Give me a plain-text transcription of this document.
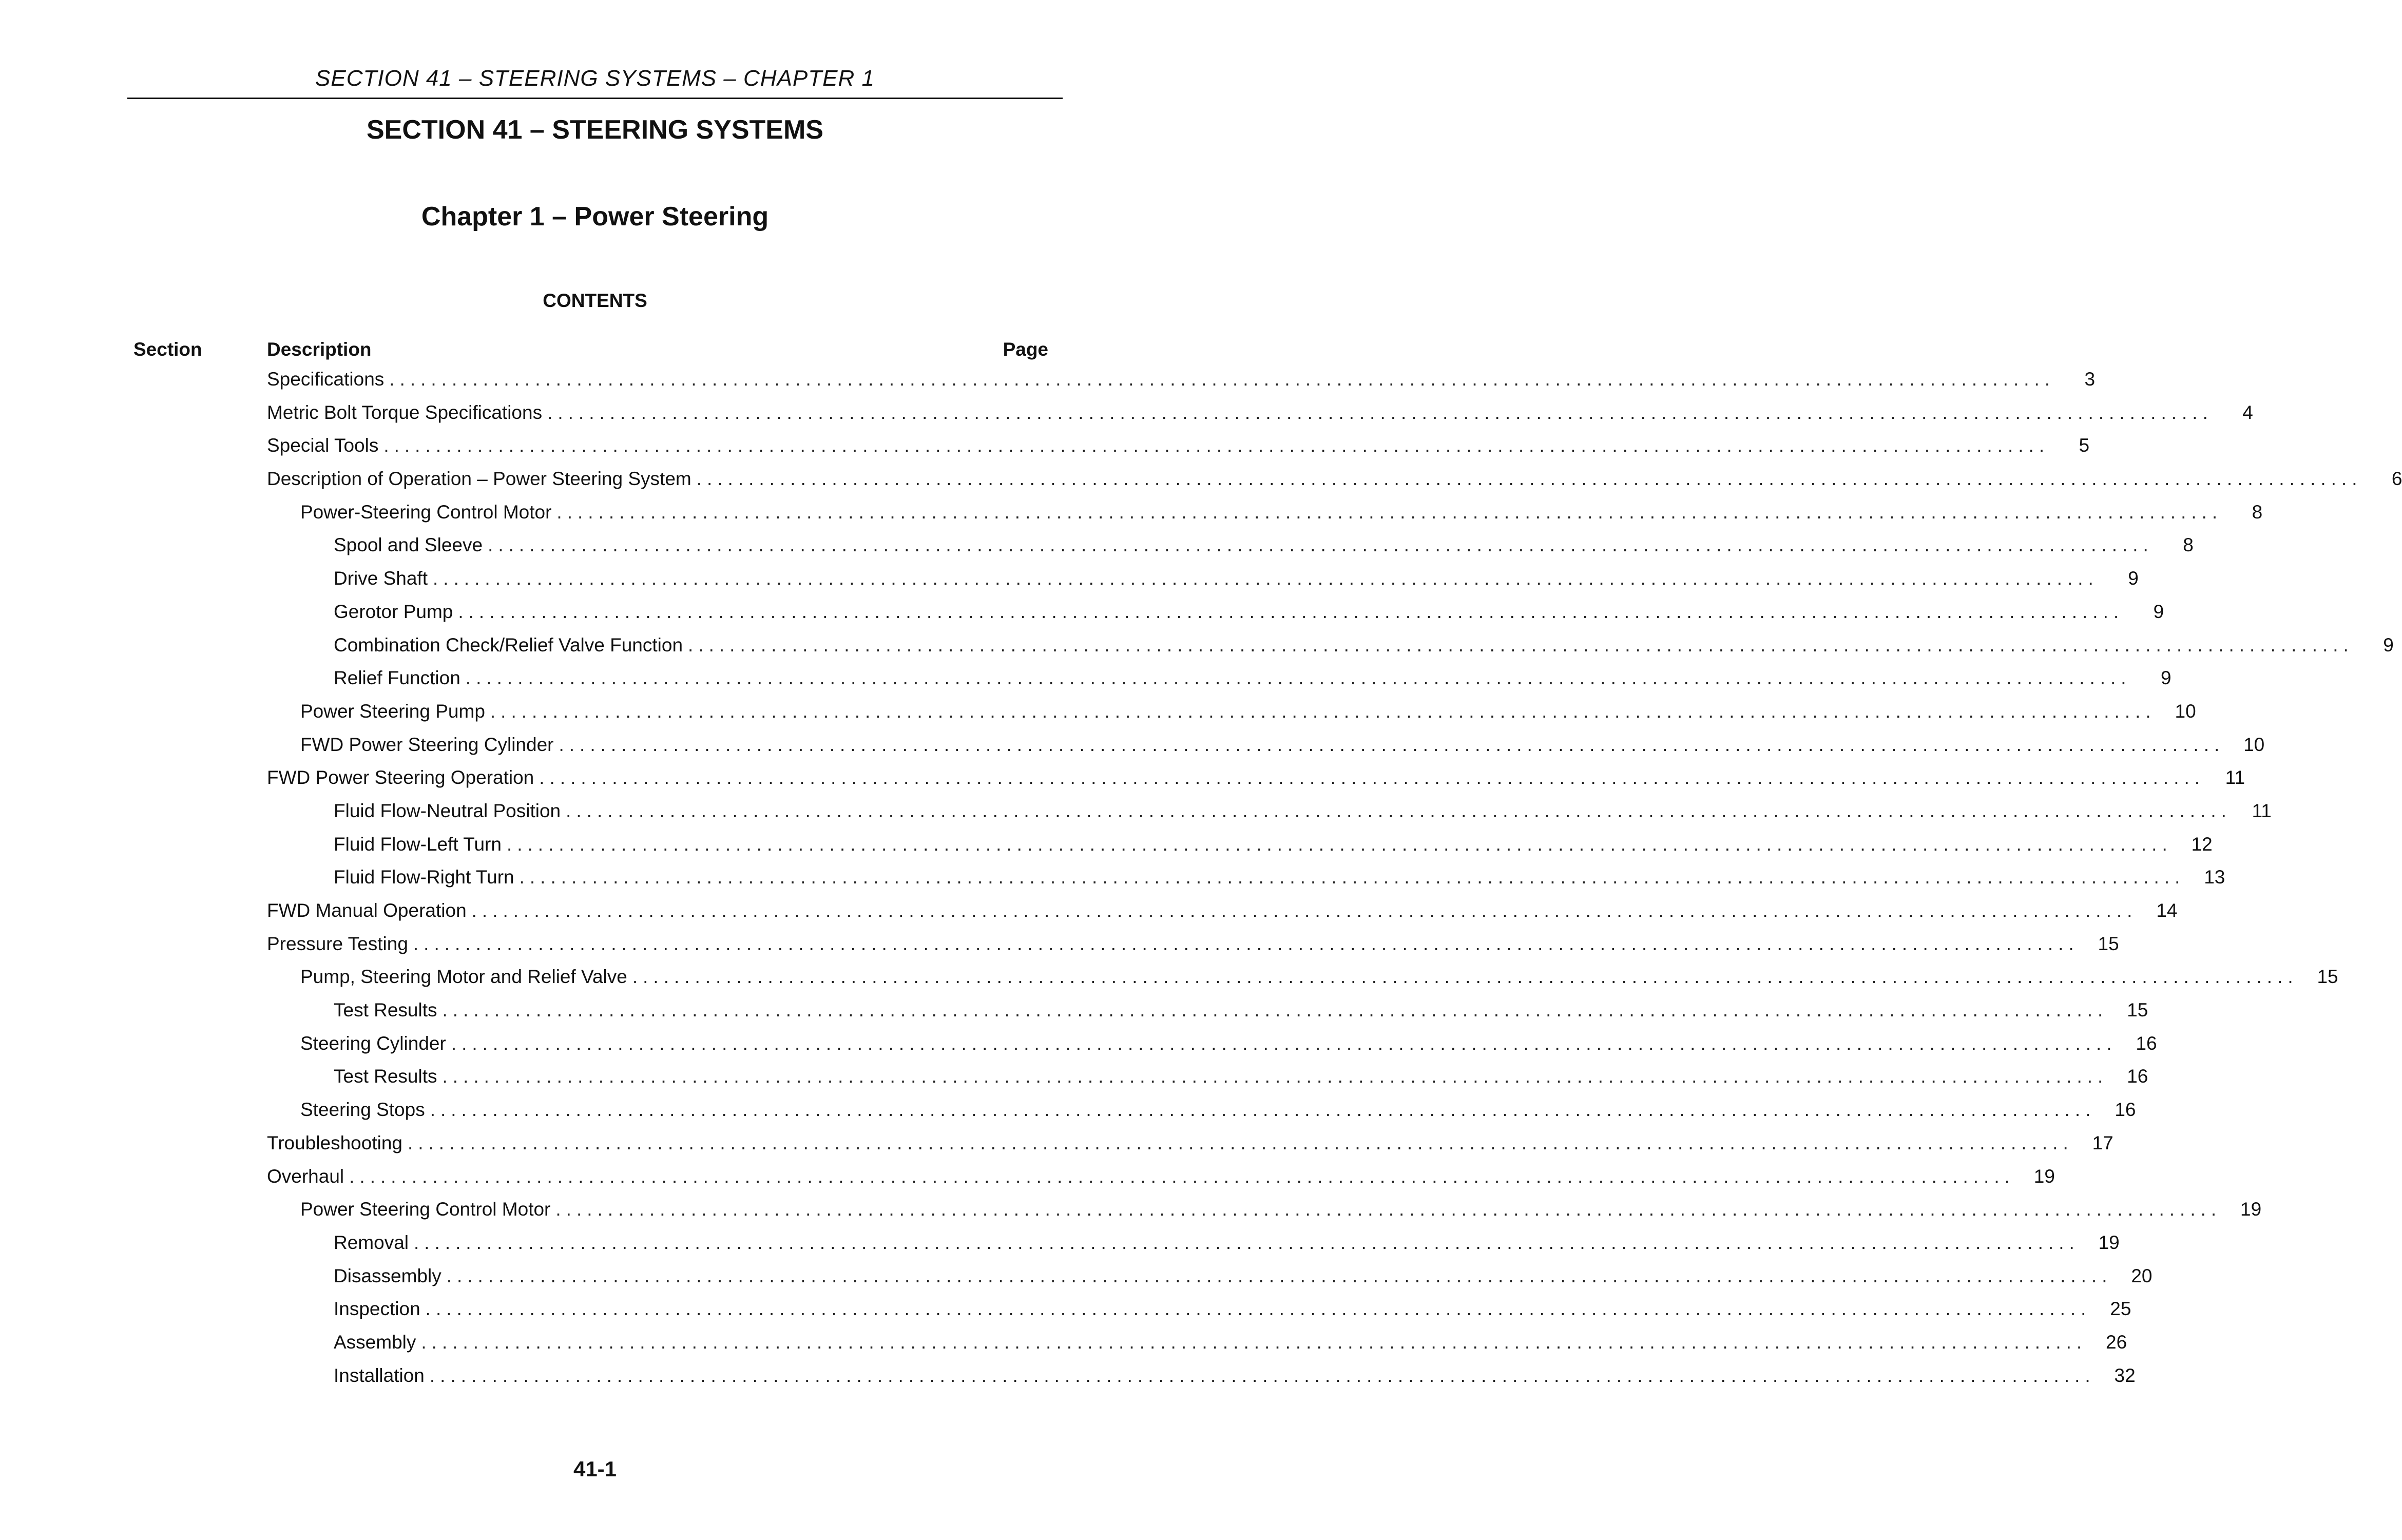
SECTION 41 – STEERING SYSTEMS – CHAPTER 1
SECTION 41 – STEERING SYSTEMS
Chapter 1 – Power Steering
CONTENTS
Section	Description	Page
Specifications ................................................................................................................................................................	3
Metric Bolt Torque Specifications ................................................................................................................................................................	4
Special Tools ................................................................................................................................................................	5
Description of Operation – Power Steering System ................................................................................................................................................................	6
Power-Steering Control Motor ................................................................................................................................................................	8
Spool and Sleeve ................................................................................................................................................................	8
Drive Shaft ................................................................................................................................................................	9
Gerotor Pump ................................................................................................................................................................	9
Combination Check/Relief Valve Function ................................................................................................................................................................	9
Relief Function ................................................................................................................................................................	9
Power Steering Pump ................................................................................................................................................................ 10
FWD Power Steering Cylinder ................................................................................................................................................................ 10
FWD Power Steering Operation ................................................................................................................................................................	11
Fluid Flow-Neutral Position ................................................................................................................................................................	11
Fluid Flow-Left Turn ................................................................................................................................................................ 12
Fluid Flow-Right Turn ................................................................................................................................................................ 13
FWD Manual Operation ................................................................................................................................................................ 14
Pressure Testing ................................................................................................................................................................ 15
Pump, Steering Motor and Relief Valve ................................................................................................................................................................ 15
Test Results ................................................................................................................................................................ 15
Steering Cylinder ................................................................................................................................................................ 16
Test Results ................................................................................................................................................................ 16
Steering Stops ................................................................................................................................................................ 16
Troubleshooting ................................................................................................................................................................ 17
Overhaul ................................................................................................................................................................ 19
Power Steering Control Motor ................................................................................................................................................................ 19
Removal ................................................................................................................................................................ 19
Disassembly ................................................................................................................................................................ 20
Inspection ................................................................................................................................................................ 25
Assembly ................................................................................................................................................................ 26
Installation ................................................................................................................................................................ 32
41-1
